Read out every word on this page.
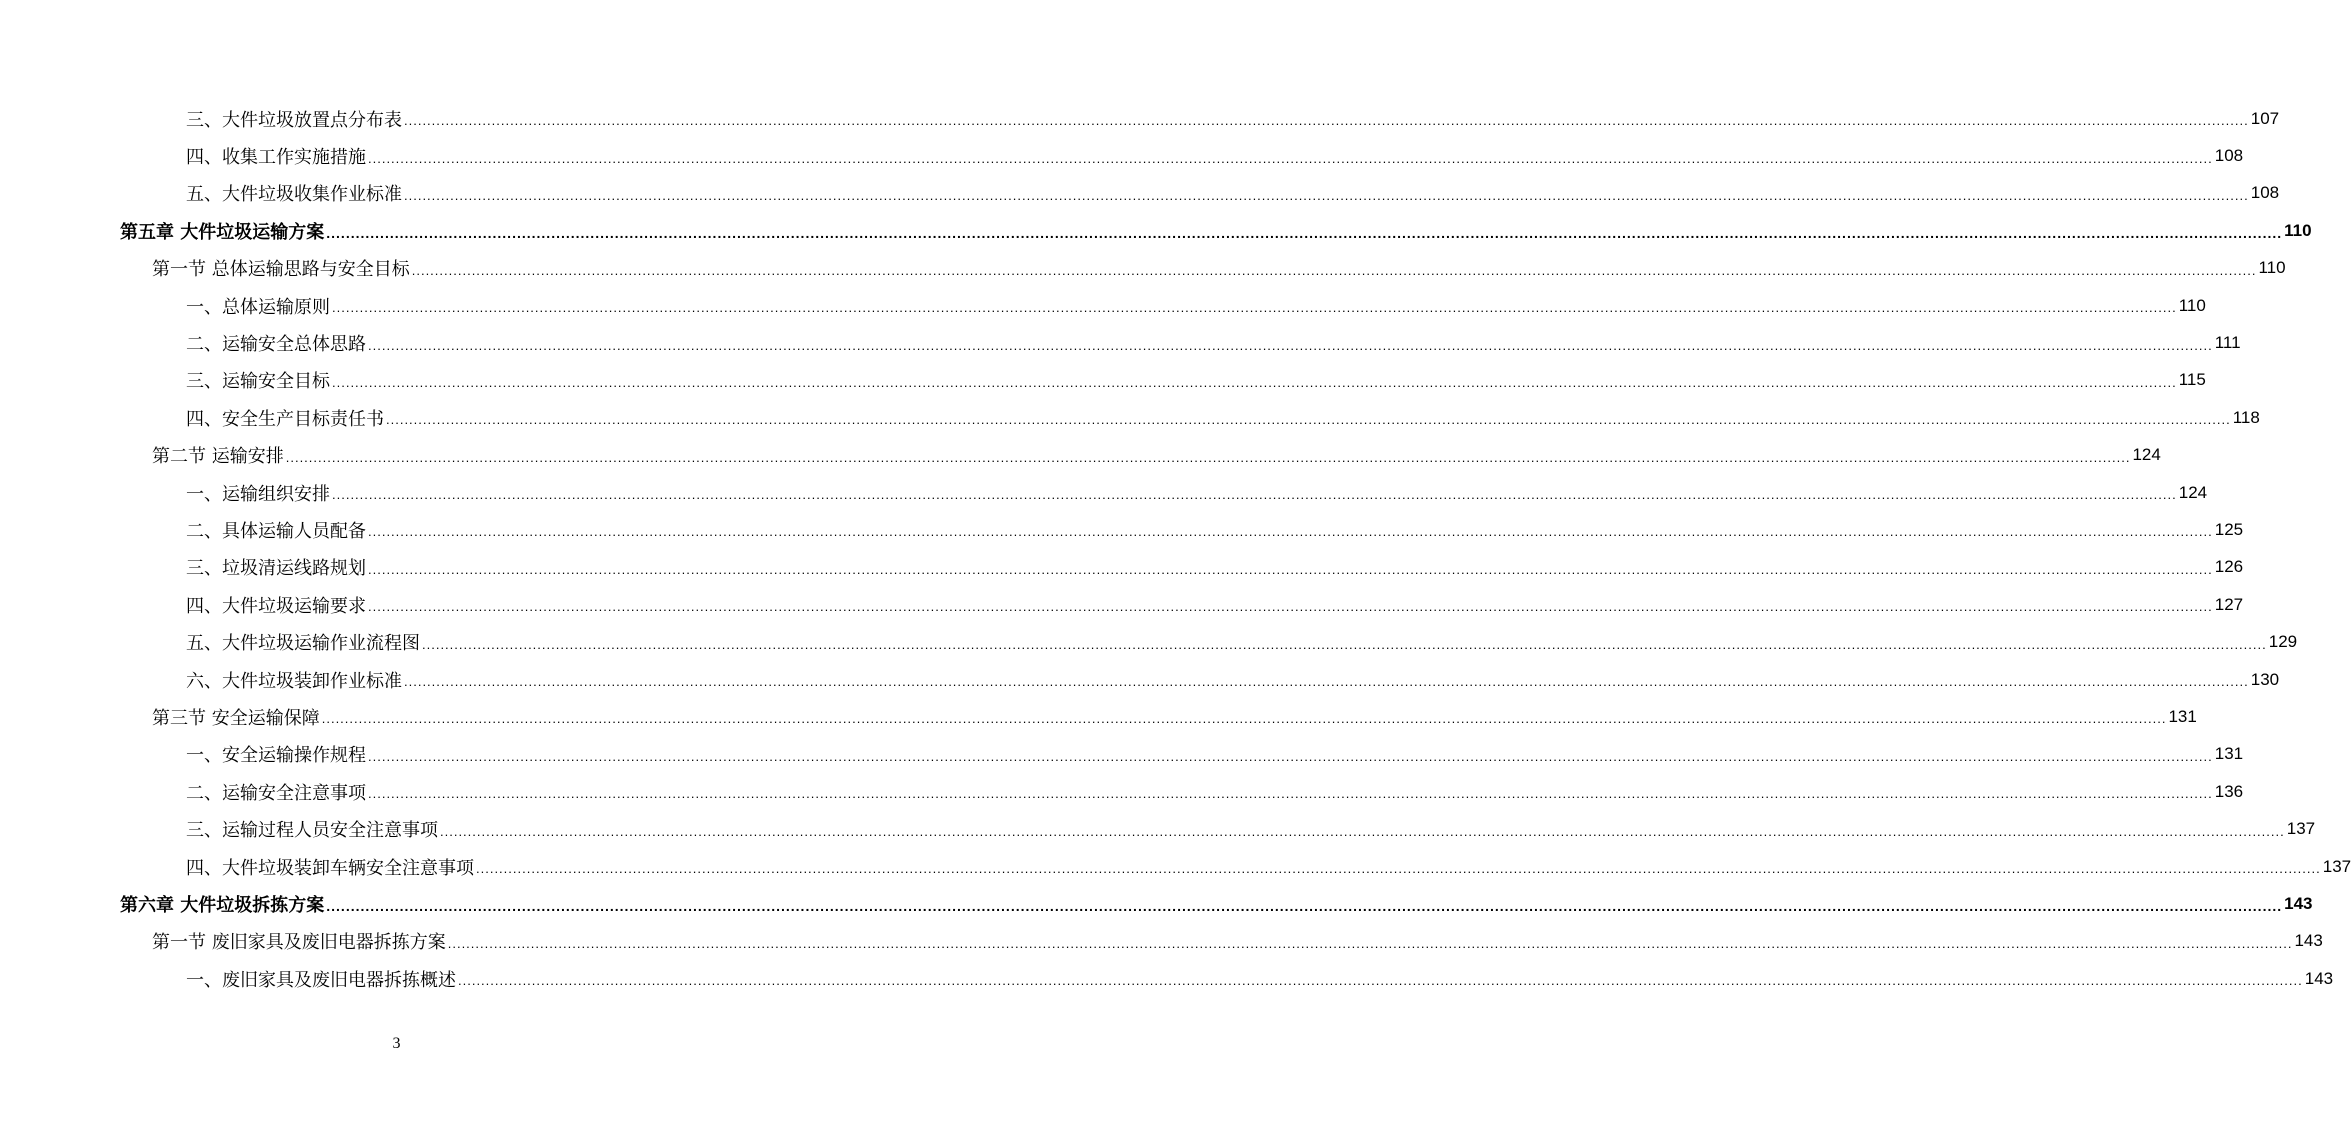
三、大件垃圾放置点分布表 ................................................................................................................................................................................................................................................................................................................................................................................................................ 107
四、收集工作实施措施 ................................................................................................................................................................................................................................................................................................................................................................................................................ 108
五、大件垃圾收集作业标准 ................................................................................................................................................................................................................................................................................................................................................................................................................ 108
第五章 大件垃圾运输方案 ................................................................................................................................................................................................................................................................................................................................................................................................................ 110
第一节 总体运输思路与安全目标 ................................................................................................................................................................................................................................................................................................................................................................................................................ 110
一、总体运输原则 ................................................................................................................................................................................................................................................................................................................................................................................................................ 110
二、运输安全总体思路 ................................................................................................................................................................................................................................................................................................................................................................................................................ 111
三、运输安全目标 ................................................................................................................................................................................................................................................................................................................................................................................................................ 115
四、安全生产目标责任书 ................................................................................................................................................................................................................................................................................................................................................................................................................ 118
第二节 运输安排 ................................................................................................................................................................................................................................................................................................................................................................................................................ 124
一、运输组织安排 ................................................................................................................................................................................................................................................................................................................................................................................................................ 124
二、具体运输人员配备 ................................................................................................................................................................................................................................................................................................................................................................................................................ 125
三、垃圾清运线路规划 ................................................................................................................................................................................................................................................................................................................................................................................................................ 126
四、大件垃圾运输要求 ................................................................................................................................................................................................................................................................................................................................................................................................................ 127
五、大件垃圾运输作业流程图 ................................................................................................................................................................................................................................................................................................................................................................................................................ 129
六、大件垃圾装卸作业标准 ................................................................................................................................................................................................................................................................................................................................................................................................................ 130
第三节 安全运输保障 ................................................................................................................................................................................................................................................................................................................................................................................................................ 131
一、安全运输操作规程 ................................................................................................................................................................................................................................................................................................................................................................................................................ 131
二、运输安全注意事项 ................................................................................................................................................................................................................................................................................................................................................................................................................ 136
三、运输过程人员安全注意事项 ................................................................................................................................................................................................................................................................................................................................................................................................................ 137
四、大件垃圾装卸车辆安全注意事项 ................................................................................................................................................................................................................................................................................................................................................................................................................ 137
第六章 大件垃圾拆拣方案 ................................................................................................................................................................................................................................................................................................................................................................................................................ 143
第一节 废旧家具及废旧电器拆拣方案 ................................................................................................................................................................................................................................................................................................................................................................................................................ 143
一、废旧家具及废旧电器拆拣概述 ................................................................................................................................................................................................................................................................................................................................................................................................................ 143
3
